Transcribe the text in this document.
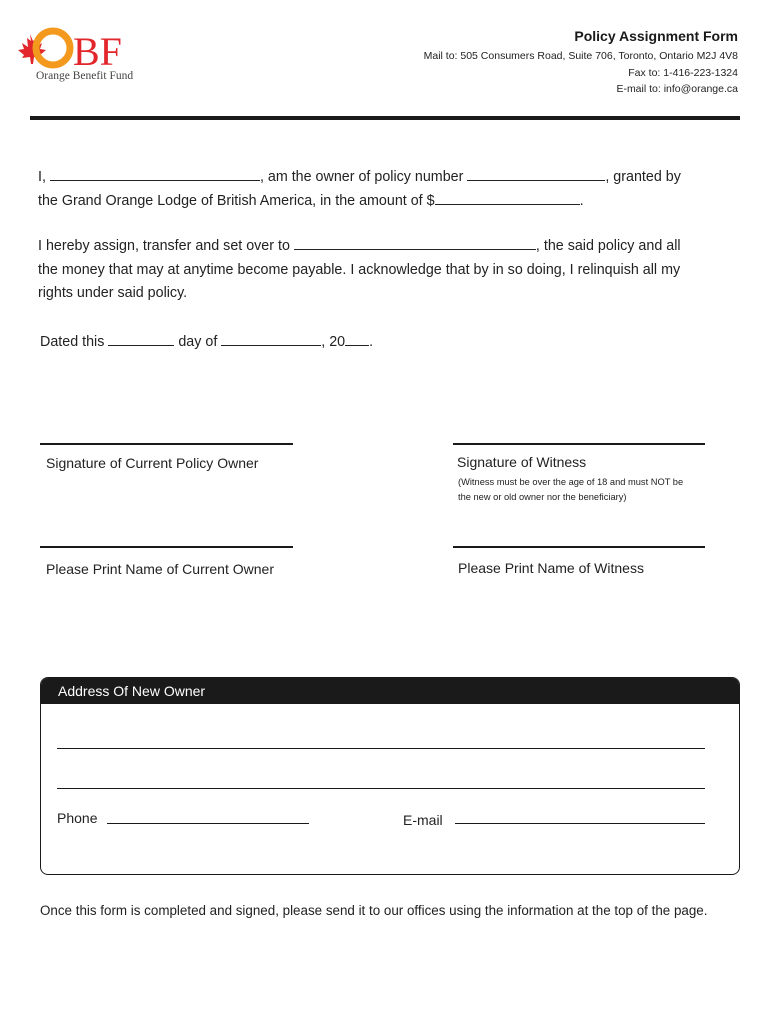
BF
Orange Benefit Fund
Policy Assignment Form
Mail to: 505 Consumers Road, Suite 706, Toronto, Ontario M2J 4V8
Fax to: 1-416-223-1324
E-mail to: info@orange.ca
I,	, am the owner of policy number	, granted by
the Grand Orange Lodge of British America, in the amount of $	.
I hereby assign, transfer and set over to	, the said policy and all
the money that may at anytime become payable. I acknowledge that by in so doing, I relinquish all my
rights under said policy.
Dated this	day of	, 20 .
Signature of Current Policy Owner	Signature of Witness
(Witness must be over the age of 18 and must NOT be
the new or old owner nor the beneficiary)
Please Print Name of Current Owner	Please Print Name of Witness
Address Of New Owner
Phone	E-mail
Once this form is completed and signed, please send it to our offices using the information at the top of the page.
